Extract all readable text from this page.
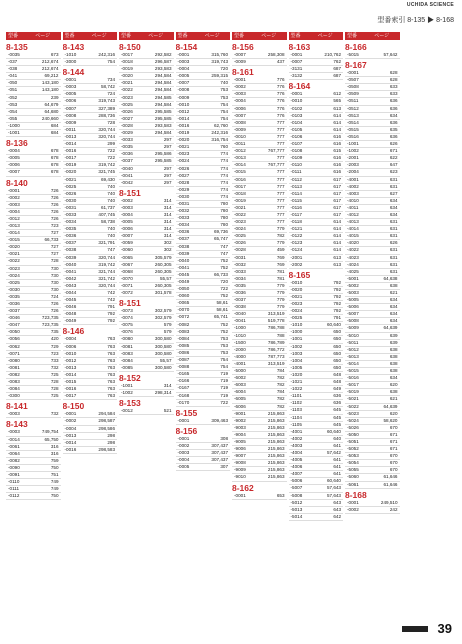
UCHIDA SCIENCE
型番索引 8-135 ▶ 8-168
型番	ページ
8-135
-0035	673
-037	212,674
-038	212,674
-041	69,212
-050	143,180
-051	143,180
-052	239
-053	64,679
-054	64,680
-055	240,660
-1000	684
-1001	684
8-136
-0004	678
-0005	678
-0006	678
-0007	678
8-140
-0001	726
-0002	726
-0003	726
-0004	726
-0012	726
-0013	723
-0014	727
-0015	66,733
-0020	727
-0021	727
-0022	728
-0023	730
-0024	730
-0025	730
-0030	730
-0035	724
-0036	726
-0037	726
-0046	723,735
-0047	723,735
-0050	735
-0056	420
-0062	729
-0071	723
-0080	733
-0081	732
-0082	725
-0083	728
-0084	728
-0300	725
8-141
-0003	732
8-143
-0003	749,754
-0014	65,750
-0061	316
-0064	316
-0082	759
-0090	750
-0091	751
-0110	749
-0111	749
-0112	750
型番	ページ
8-143
-1010	242,316
-3000	754
8-144
-0001	734
-0003	58,742
-0005	724
-0006	319,743
-0007	327,389
-0008	288,736
-0009	728
-0011	320,744
-0013	320,744
-0014	299
-0016	722
-0017	722
-0019	319,742
-0020	321,745
-0021	69,430
-0025	740
-0026	740
-0030	740
-0031	61,737
-0033	407,745
-0034	58,738
-0035	740
-0036	740
-0037	321,791
-0038	747
-0039	320,744
-0040	319,742
-0041	321,744
-0042	321,742
-0043	320,744
-0044	742
-0045	742
-0046	791
-0048	792
-0049	792
8-146
-0004	763
-0006	763
-0010	763
-0012	763
-0013	763
-0014	763
-0015	763
-0016	763
-0017	763
8-150
-0001	294,584
-0002	298,587
-0004	298,586
-0013	298
-0014	298
-0016	298,583
型番	ページ
8-150
-0017	292,582
-0018	296,587
-0019	293,583
-0020	294,584
-0021	294,584
-0022	294,584
-0023	294,585
-0025	294,584
-0026	295,585
-0027	295,585
-0028	293,583
-0029	294,584
-0033	297
-0035	297
-0036	295,586
-0037	295,585
-0040	297
-0041	297
-0042	297
8-151
-0002	314
-0003	314
-0004	314
-0005	314
-0006	314
-0007	314
-0059	302
-0060	302
-0065	305,579
-0067	260,305
-0068	260,305
-0070	55,57
-0071	260,305
-0072	301,578
8-151
-0073	302,579
-0074	302,579
-0075	579
-0076	579
-0080	300,580
-0081	300,580
-0083	300,580
-0084	55,57
-0085	300,580
8-152
-1001	314
-1002	298,314
8-153
-0012	521
型番	ページ
8-154
-0001	315,760
-0003	319,743
-0004	720
-0005	259,315
-0007	740
-0008	753
-0009	753
-0010	754
-0012	754
-0014	754
-0016	62,760
-0019	242,316
-0020	316,754
-0021	760
-0023	774
-0024	774
-0026	774
-0027	774
-0028	774
-0029	774
-0030	774
-0031	780
-0032	780
-0033	780
-0034	780
-0036	69,736
-0037	65,747
-0038	747
-0039	747
-0040	752
-0041	752
-0045	66,733
-0049	720
-0050	722
-0060	752
-0065	58,61
-0070	58,61
-0072	65,741
-0082	752
-0083	752
-0084	753
-0085	753
-0086	753
-0087	754
-0088	754
-0165	719
-0166	719
-0167	719
-0168	719
-0170	722
8-155
-0001	309,463
8-156
-0001	308
-0002	307,437
-0003	307,437
-0004	307,437
-0005	307
型番	ページ
8-156
-0007	258,308
-0009	437
8-161
-0001	776
-0002	776
-0003	776
-0004	776
-0006	776
-0007	776
-0008	777
-0009	777
-0010	777
-0011	777
-0012	767,777
-0013	777
-0014	767,777
-0015	777
-0016	777
-0017	777
-0018	777
-0019	777
-0021	777
-0022	777
-0023	777
-0024	779
-0025	782
-0026	779
-0028	459
-0031	769
-0032	769
-0033	781
-0034	781
-0035	779
-0036	779
-0037	779
-0038	779
-0040	313,519
-0041	519,778
-1000	786,788
-1010	788
-1500	786,789
-2000	786,772
-4000	787,773
-4001	313,519
-5000	784
-6002	782
-6003	782
-6004	784
-6005	782
-6006	782
-9001	215,863
-9002	215,863
-9003	215,863
-9004	215,863
-9005	215,863
-9006	215,863
-9007	215,863
-9008	215,863
-9009	215,863
-9010	215,863
8-162
-0001	653
型番	ページ
8-163
-0001	210,762
-0007	762
-3131	687
-3132	687
8-164
-0001	612
-0010	565
-0102	613
-0103	614
-0104	614
-0105	614
-0106	616
-0107	616
-0108	615
-0109	616
-0110	616
-0111	616
-0112	617
-0113	617
-0114	617
-0115	617
-0116	617
-0117	617
-0118	614
-0121	614
-0122	614
-0123	614
-0124	614
-2001	613
-2002	613
8-165
-0010	792
-0020	792
-0021	792
-0023	792
-0024	792
-0025	791
-1010	60,640
-1000	650
-1001	650
-1002	650
-1003	650
-1004	650
-1005	650
-1020	648
-1021	648
-1022	649
-1101	636
-1102	636
-1103	645
-1104	645
-1105	645
-4001	60,640
-4002	640
-4003	641
-4004	57,642
-4005	641
-4006	641
-4007	641
-5006	60,640
-5007	57,643
-5008	57,643
-5012	643
-5013	643
-5014	642
型番	ページ
8-166
-5015	57,642
8-167
-0001	628
-0507	628
-0508	633
-0509	633
-0511	636
-0512	636
-0513	634
-0514	636
-0515	635
-0516	636
-1001	626
-1002	671
-2001	622
-2003	647
-2004	623
-4001	631
-4002	631
-4003	627
-4010	634
-4011	634
-4012	634
-4013	631
-4014	631
-4015	631
-4020	626
-4022	631
-4023	631
-4024	631
-4025	631
-5001	64,638
-5002	638
-5003	621
-5005	634
-5006	634
-5007	634
-5008	634
-5009	64,639
-5010	639
-5011	639
-5012	638
-5013	638
-5014	638
-5015	638
-5016	634
-5017	620
-5019	638
-5021	621
-5022	64,639
-5023	620
-5024	58,620
-5026	670
-5050	671
-5051	671
-5052	671
-5053	670
-5054	670
-5055	670
-5060	61,646
-5061	61,646
8-168
-0001	249,510
-0002	242
39
